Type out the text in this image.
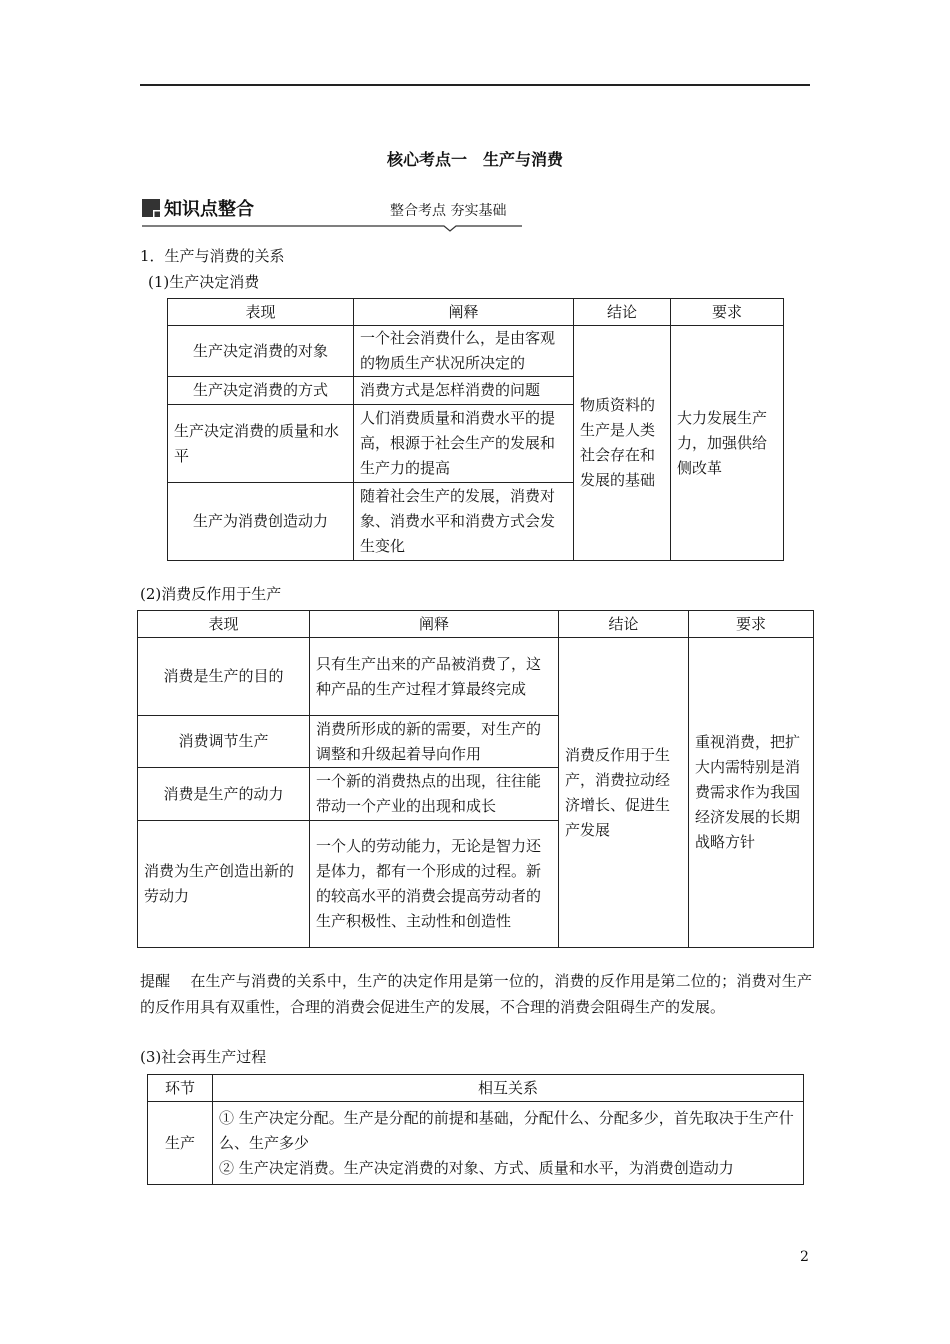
核心考点一　生产与消费
知识点整合	整合考点 夯实基础
1．生产与消费的关系
(1)生产决定消费
表现	阐释	结论	要求
生产决定消费的对象	一个社会消费什么，是由客观的物质生产状况所决定的	物质资料的生产是人类社会存在和发展的基础	大力发展生产力，加强供给侧改革
生产决定消费的方式	消费方式是怎样消费的问题		
生产决定消费的质量和水平	人们消费质量和消费水平的提高，根源于社会生产的发展和生产力的提高		
生产为消费创造动力	随着社会生产的发展，消费对象、消费水平和消费方式会发生变化		
(2)消费反作用于生产
表现	阐释	结论	要求
消费是生产的目的	只有生产出来的产品被消费了，这种产品的生产过程才算最终完成	消费反作用于生产，消费拉动经济增长、促进生产发展	重视消费，把扩大内需特别是消费需求作为我国经济发展的长期战略方针
消费调节生产	消费所形成的新的需要，对生产的调整和升级起着导向作用		
消费是生产的动力	一个新的消费热点的出现，往往能带动一个产业的出现和成长		
消费为生产创造出新的劳动力	一个人的劳动能力，无论是智力还是体力，都有一个形成的过程。新的较高水平的消费会提高劳动者的生产积极性、主动性和创造性		
提醒 在生产与消费的关系中，生产的决定作用是第一位的，消费的反作用是第二位的；消费对生产的反作用具有双重性，合理的消费会促进生产的发展，不合理的消费会阻碍生产的发展。
(3)社会再生产过程
环节	相互关系
生产	① 生产决定分配。生产是分配的前提和基础，分配什么、分配多少，首先取决于生产什么、生产多少
② 生产决定消费。生产决定消费的对象、方式、质量和水平，为消费创造动力
2
